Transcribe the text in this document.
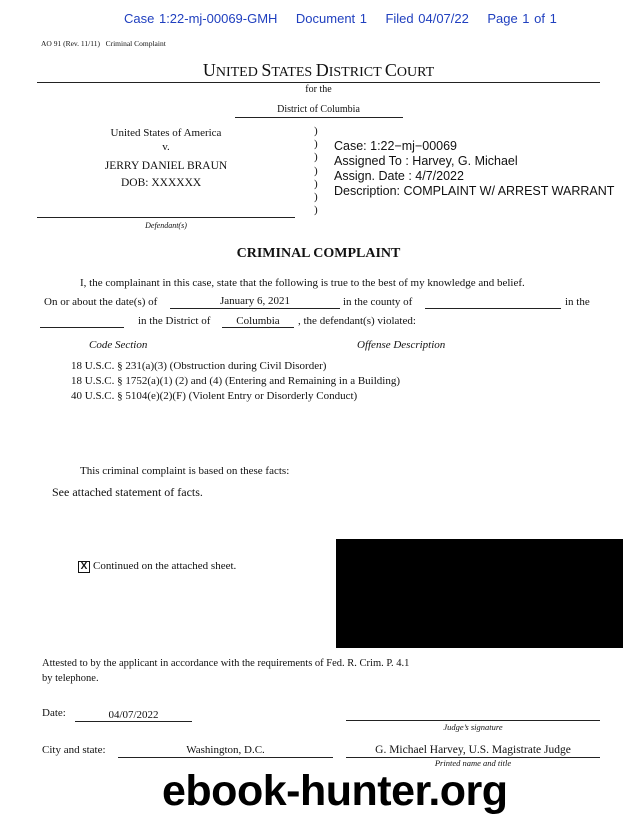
Case 1:22-mj-00069-GMH Document 1 Filed 04/07/22 Page 1 of 1
AO 91 (Rev. 11/11)   Criminal Complaint
UNITED STATES DISTRICT COURT
for the
District of Columbia
United States of America
v.
JERRY DANIEL BRAUN
DOB: XXXXXX
Defendant(s)
)
)
)
)
)
)
)
Case: 1:22−mj−00069
Assigned To : Harvey, G. Michael
Assign. Date : 4/7/2022
Description: COMPLAINT W/ ARREST WARRANT
CRIMINAL COMPLAINT
I, the complainant in this case, state that the following is true to the best of my knowledge and belief.
On or about the date(s) of	January 6, 2021	in the county of	in the
in the District of	Columbia	, the defendant(s) violated:
Code Section	Offense Description
18 U.S.C. § 231(a)(3) (Obstruction during Civil Disorder)
18 U.S.C. § 1752(a)(1) (2) and (4) (Entering and Remaining in a Building)
40 U.S.C. § 5104(e)(2)(F) (Violent Entry or Disorderly Conduct)
This criminal complaint is based on these facts:
See attached statement of facts.
X Continued on the attached sheet.
Attested to by the applicant in accordance with the requirements of Fed. R. Crim. P. 4.1
by telephone.
Date:	04/07/2022
Judge’s signature
City and state:	Washington, D.C.	G. Michael Harvey, U.S. Magistrate Judge
Printed name and title
ebook-hunter.org
